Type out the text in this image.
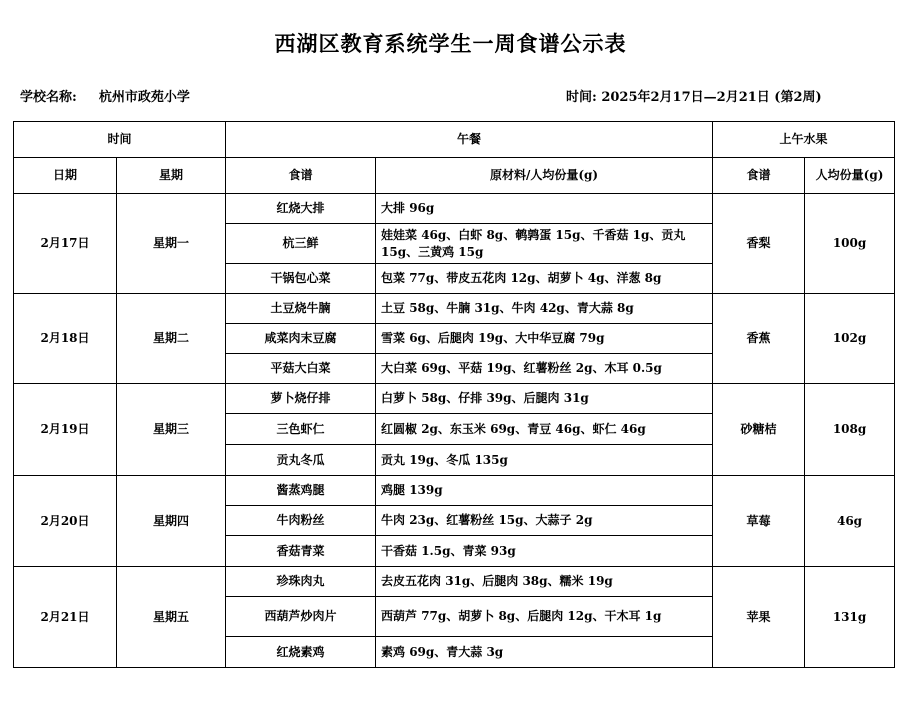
西湖区教育系统学生一周食谱公示表
学校名称: 杭州市政苑小学	时间: 2025年2月17日—2月21日 (第2周)
时间		午餐		上午水果	
日期	星期	食谱	原材料/人均份量(g)	食谱	人均份量(g)
2月17日	星期一	红烧大排	大排 96g	香梨	100g
		杭三鲜	娃娃菜 46g、白虾 8g、鹌鹑蛋 15g、千香菇 1g、贡丸 15g、三黄鸡 15g		
		干锅包心菜	包菜 77g、带皮五花肉 12g、胡萝卜 4g、洋葱 8g		
2月18日	星期二	土豆烧牛腩	土豆 58g、牛腩 31g、牛肉 42g、青大蒜 8g	香蕉	102g
		咸菜肉末豆腐	雪菜 6g、后腿肉 19g、大中华豆腐 79g		
		平菇大白菜	大白菜 69g、平菇 19g、红薯粉丝 2g、木耳 0.5g		
2月19日	星期三	萝卜烧仔排	白萝卜 58g、仔排 39g、后腿肉 31g	砂糖桔	108g
		三色虾仁	红圆椒 2g、东玉米 69g、青豆 46g、虾仁 46g		
		贡丸冬瓜	贡丸 19g、冬瓜 135g		
2月20日	星期四	酱蒸鸡腿	鸡腿 139g	草莓	46g
		牛肉粉丝	牛肉 23g、红薯粉丝 15g、大蒜子 2g		
		香菇青菜	干香菇 1.5g、青菜 93g		
2月21日	星期五	珍珠肉丸	去皮五花肉 31g、后腿肉 38g、糯米 19g	苹果	131g
		西葫芦炒肉片	西葫芦 77g、胡萝卜 8g、后腿肉 12g、干木耳 1g		
		红烧素鸡	素鸡 69g、青大蒜 3g		
